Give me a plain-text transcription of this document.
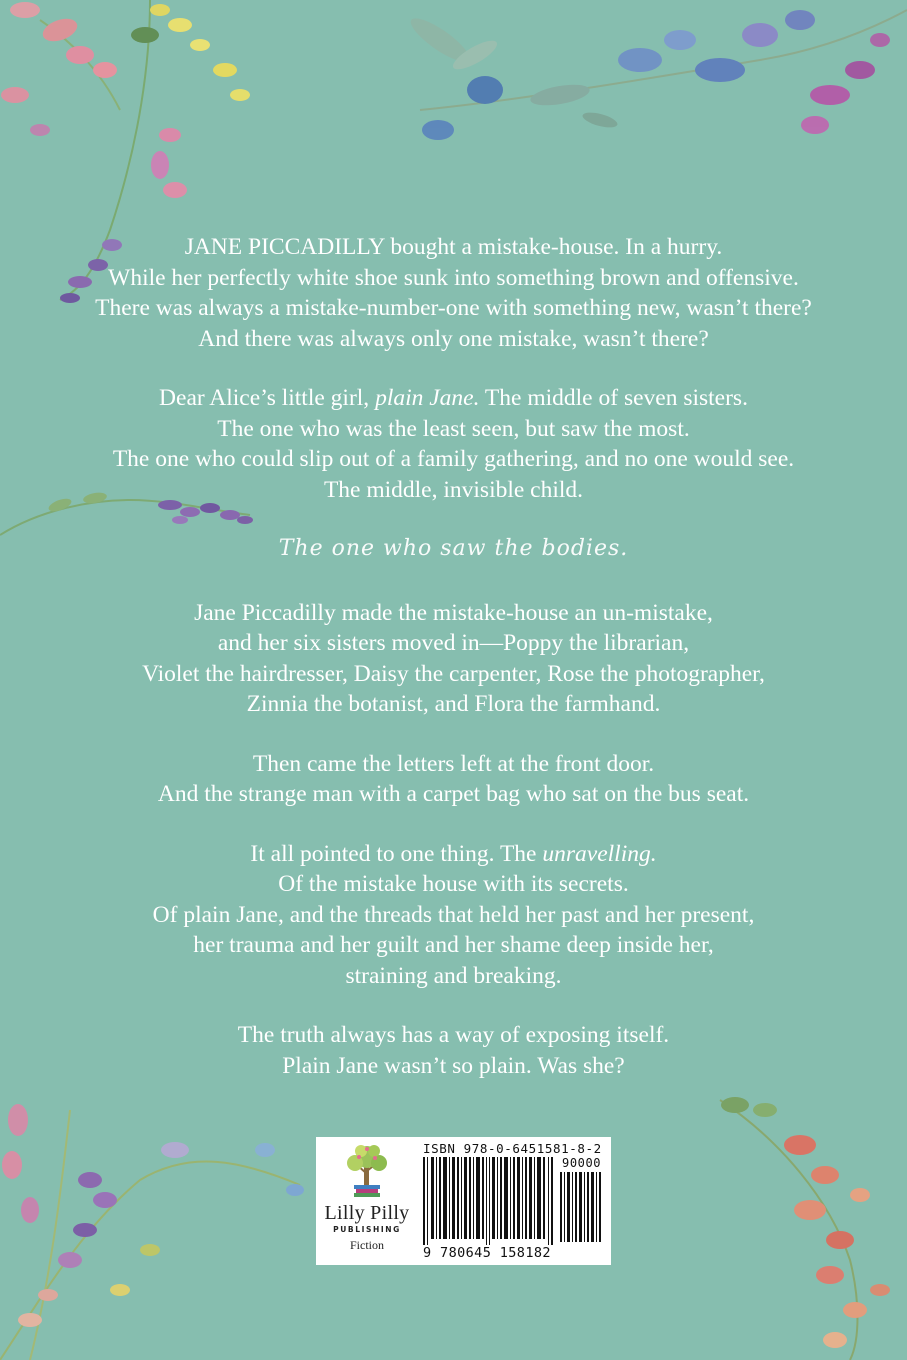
JANE PICCADILLY bought a mistake-house. In a hurry.
While her perfectly white shoe sunk into something brown and offensive.
There was always a mistake-number-one with something new, wasn’t there?
And there was always only one mistake, wasn’t there?

Dear Alice’s little girl, plain Jane. The middle of seven sisters.
The one who was the least seen, but saw the most.
The one who could slip out of a family gathering, and no one would see.
The middle, invisible child.

The one who saw the bodies.

Jane Piccadilly made the mistake-house an un-mistake,
and her six sisters moved in—Poppy the librarian,
Violet the hairdresser, Daisy the carpenter, Rose the photographer,
Zinnia the botanist, and Flora the farmhand.

Then came the letters left at the front door.
And the strange man with a carpet bag who sat on the bus seat.

It all pointed to one thing. The unravelling.
Of the mistake house with its secrets.
Of plain Jane, and the threads that held her past and her present,
her trauma and her guilt and her shame deep inside her,
straining and breaking.

The truth always has a way of exposing itself.
Plain Jane wasn’t so plain. Was she?

Lilly Pilly
PUBLISHING
Fiction
ISBN 978-0-6451581-8-2
90000
9 780645 158182
